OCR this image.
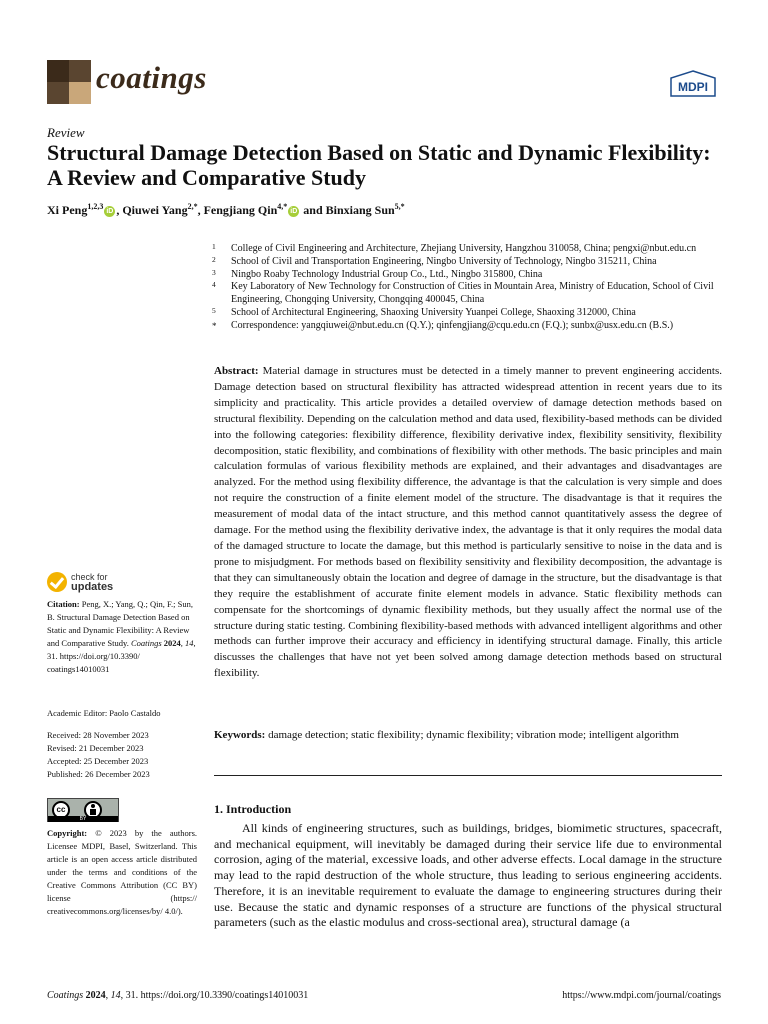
coatings	MDPI
Review
Structural Damage Detection Based on Static and Dynamic Flexibility: A Review and Comparative Study
Xi Peng$^{1,2,3}$iD , Qiuwei Yang$^{2,*}$, Fengjiang Qin$^{4,*}$iD and Binxiang Sun$^{5,*}$
1 College of Civil Engineering and Architecture, Zhejiang University, Hangzhou 310058, China; pengxi@nbut.edu.cn
2 School of Civil and Transportation Engineering, Ningbo University of Technology, Ningbo 315211, China
3 Ningbo Roaby Technology Industrial Group Co., Ltd., Ningbo 315800, China
4 Key Laboratory of New Technology for Construction of Cities in Mountain Area, Ministry of Education, School of Civil Engineering, Chongqing University, Chongqing 400045, China
5 School of Architectural Engineering, Shaoxing University Yuanpei College, Shaoxing 312000, China
* Correspondence: yangqiuwei@nbut.edu.cn (Q.Y.); qinfengjiang@cqu.edu.cn (F.Q.); sunbx@usx.edu.cn (B.S.)
Abstract: Material damage in structures must be detected in a timely manner to prevent engineering accidents. Damage detection based on structural flexibility has attracted widespread attention in recent years due to its simplicity and practicality. This article provides a detailed overview of damage detection methods based on structural flexibility. Depending on the calculation method and data used, flexibility-based methods can be divided into the following categories: flexibility difference, flexibility derivative index, flexibility sensitivity, flexibility decomposition, static flexibility, and combinations of flexibility with other methods. The basic principles and main calculation formulas of various flexibility methods are explained, and their advantages and disadvantages are analyzed. For the method using flexibility difference, the advantage is that the calculation is very simple and does not require the construction of a finite element model of the structure. The disadvantage is that it requires the measurement of modal data of the intact structure, and this method cannot quantitatively assess the degree of damage. For the method using the flexibility derivative index, the advantage is that it only requires the modal data of the damaged structure to locate the damage, but this method is particularly sensitive to noise in the data and is prone to misjudgment. For methods based on flexibility sensitivity and flexibility decomposition, the advantage is that they can simultaneously obtain the location and degree of damage in the structure, but the disadvantage is that they require the establishment of accurate finite element models in advance. Static flexibility methods can compensate for the shortcomings of dynamic flexibility methods, but they usually affect the normal use of the structure during static testing. Combining flexibility-based methods with advanced intelligent algorithms and other methods can further improve their accuracy and efficiency in identifying structural damage. Finally, this article discusses the challenges that have not yet been solved among damage detection methods based on structural flexibility.
Keywords: damage detection; static flexibility; dynamic flexibility; vibration mode; intelligent algorithm
1. Introduction
All kinds of engineering structures, such as buildings, bridges, biomimetic structures, spacecraft, and mechanical equipment, will inevitably be damaged during their service life due to environmental corrosion, aging of the material, excessive loads, and other adverse effects. Local damage in the structure may lead to the rapid destruction of the whole structure, thus leading to serious engineering accidents. Therefore, it is an inevitable requirement to evaluate the damage to engineering structures during their use. Because the static and dynamic responses of a structure are functions of the physical structural parameters (such as the elastic modulus and cross-sectional area), structural damage (a
check for
updates
Citation: Peng, X.; Yang, Q.; Qin, F.; Sun, B. Structural Damage Detection Based on Static and Dynamic Flexibility: A Review and Comparative Study. Coatings 2024, 14, 31. https://doi.org/10.3390/ coatings14010031
Academic Editor: Paolo Castaldo
Received: 28 November 2023
Revised: 21 December 2023
Accepted: 25 December 2023
Published: 26 December 2023
cc
BY
Copyright: © 2023 by the authors. Licensee MDPI, Basel, Switzerland. This article is an open access article distributed under the terms and conditions of the Creative Commons Attribution (CC BY) license (https:// creativecommons.org/licenses/by/ 4.0/).
Coatings 2024, 14, 31. https://doi.org/10.3390/coatings14010031	https://www.mdpi.com/journal/coatings
